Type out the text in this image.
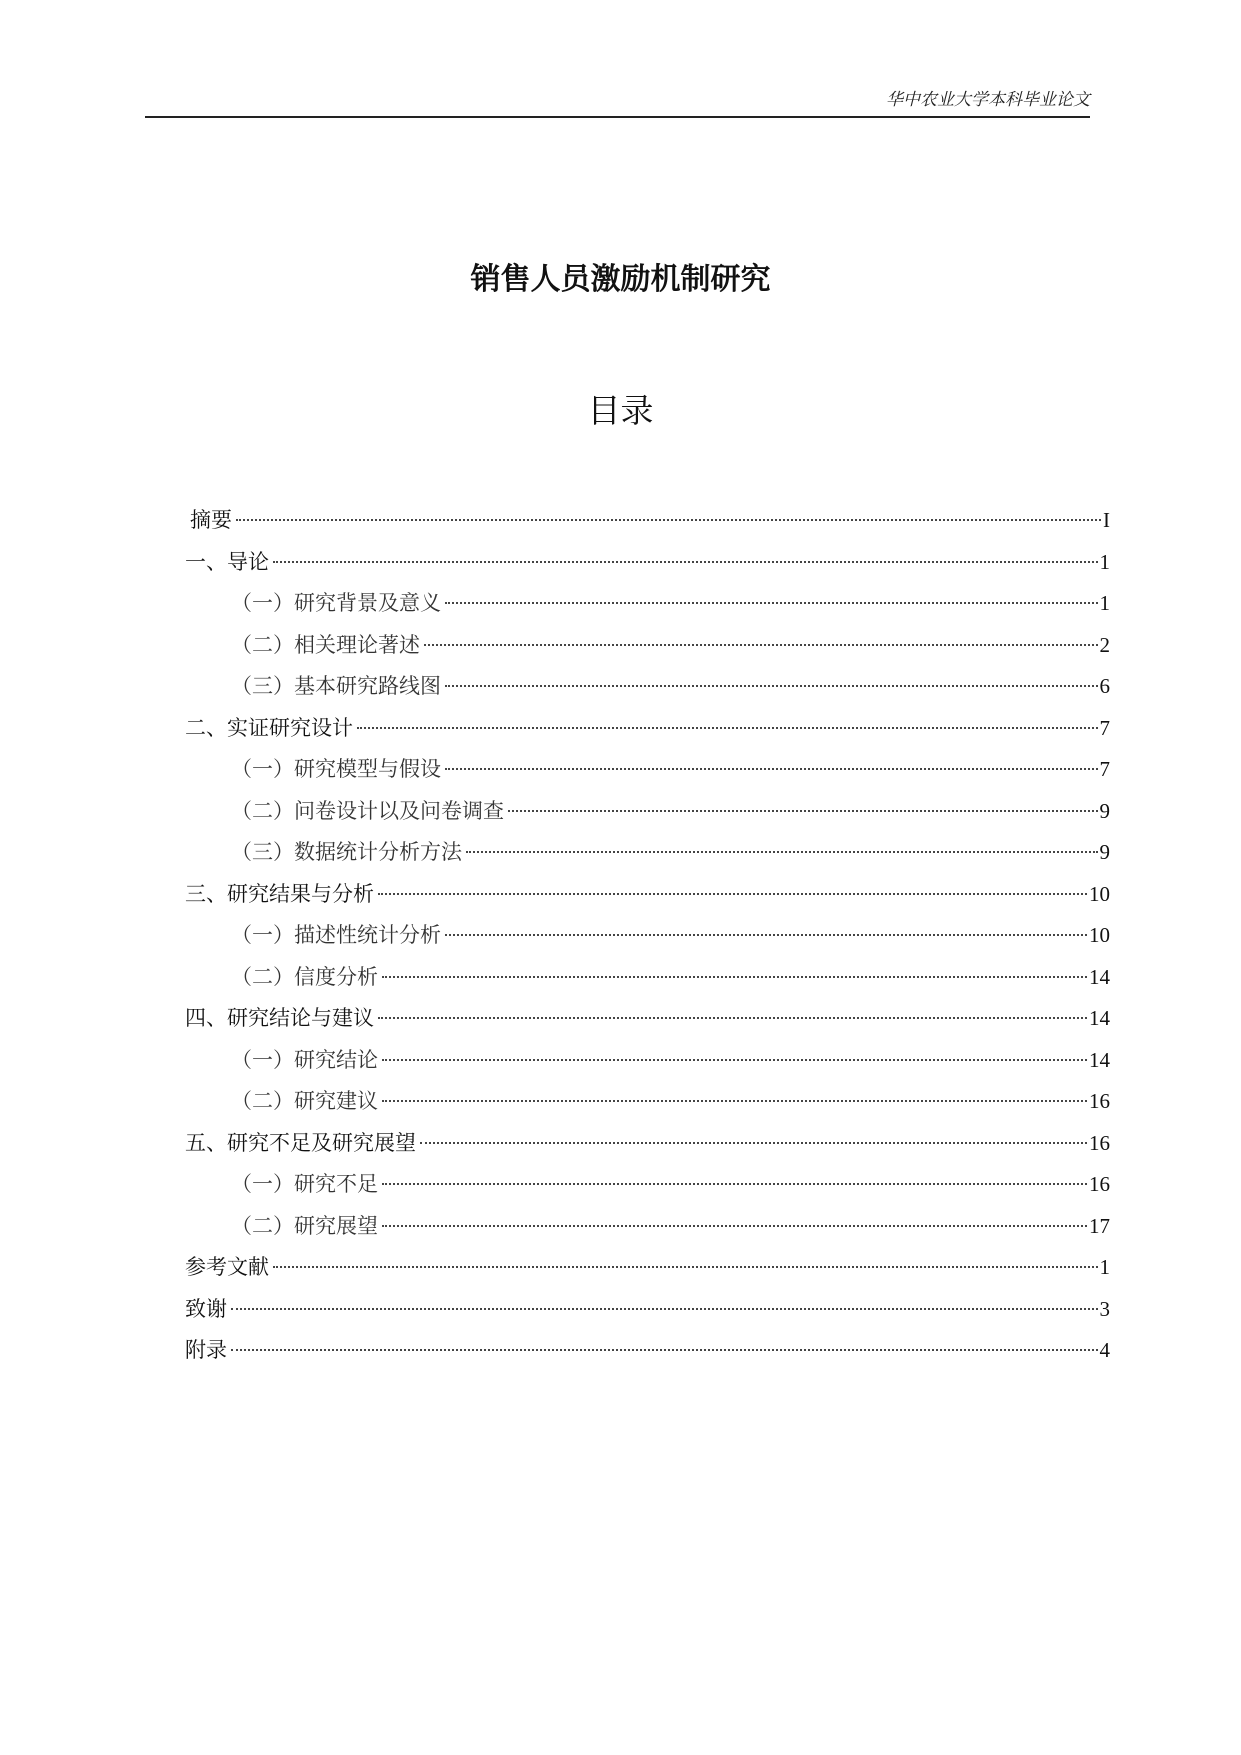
华中农业大学本科毕业论文
销售人员激励机制研究
目录
摘要	I
一、导论	1
（一）研究背景及意义	1
（二）相关理论著述	2
（三）基本研究路线图	6
二、实证研究设计	7
（一）研究模型与假设	7
（二）问卷设计以及问卷调查	9
（三）数据统计分析方法	9
三、研究结果与分析	10
（一）描述性统计分析	10
（二）信度分析	14
四、研究结论与建议	14
（一）研究结论	14
（二）研究建议	16
五、研究不足及研究展望	16
（一）研究不足	16
（二）研究展望	17
参考文献	1
致谢	3
附录	4
